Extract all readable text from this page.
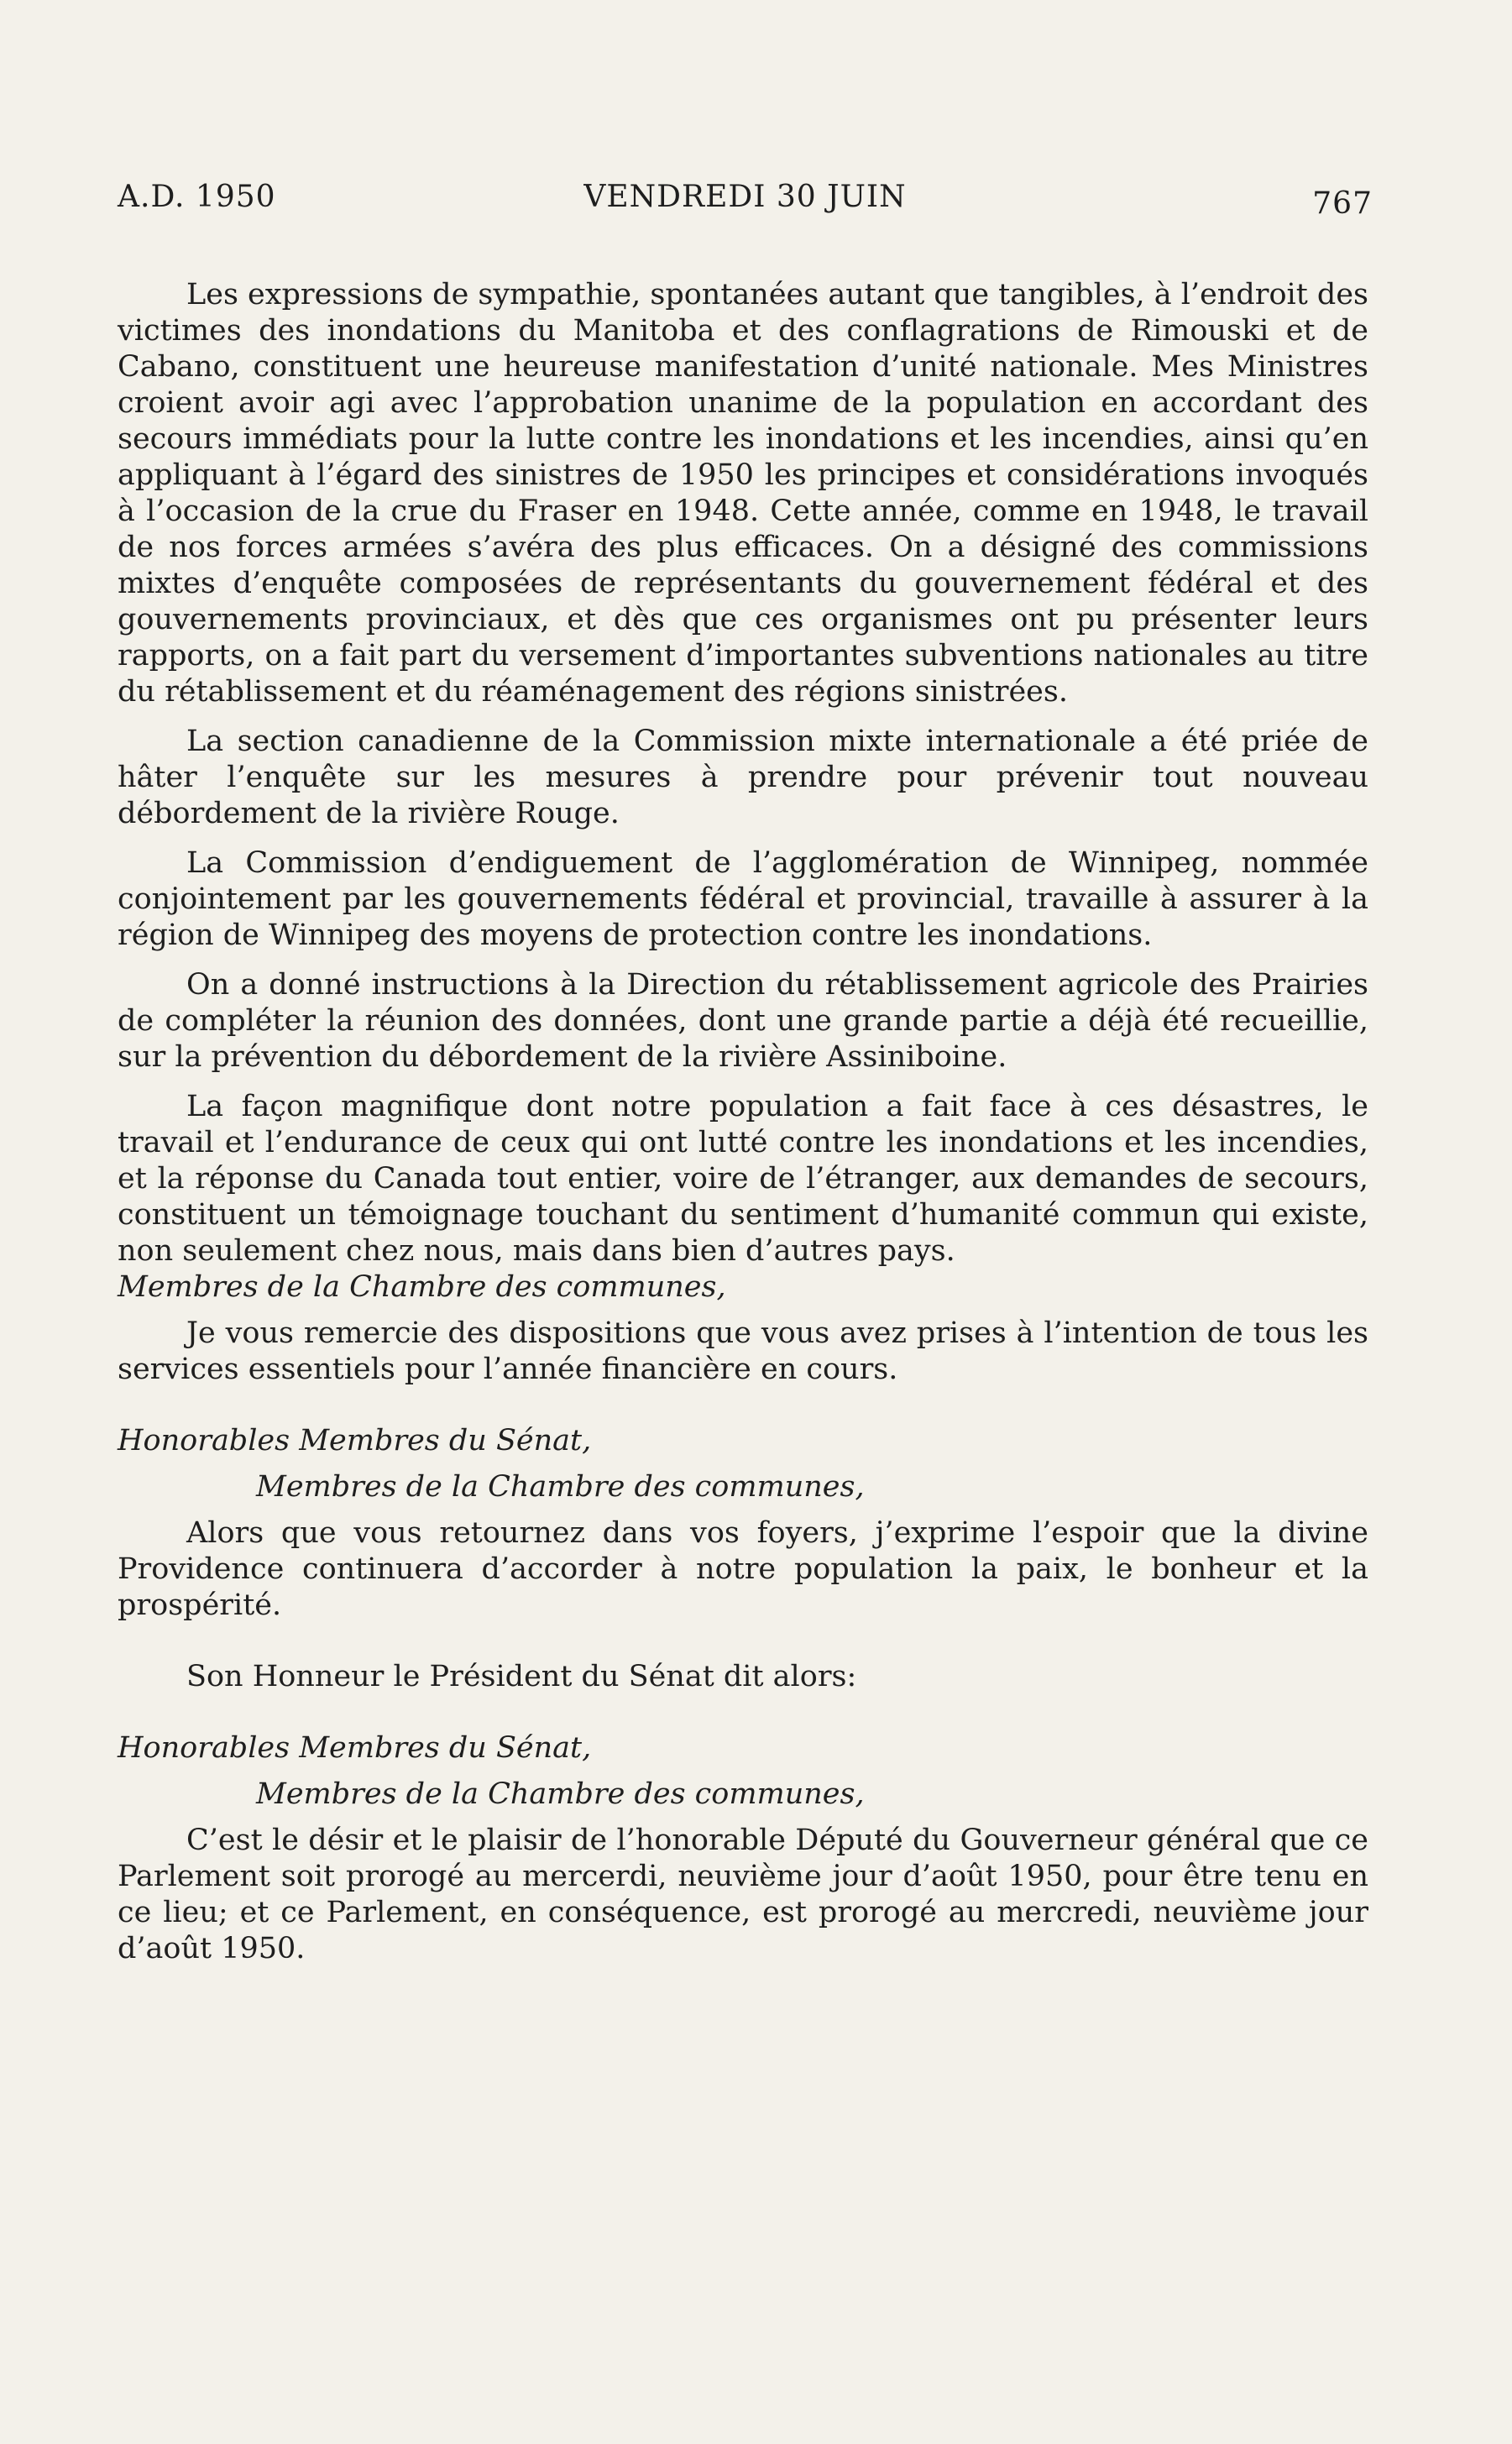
A.D. 1950	VENDREDI 30 JUIN	767

Les expressions de sympathie, spontanées autant que tangibles, à l’endroit des victimes des inondations du Manitoba et des conflagrations de Rimouski et de Cabano, constituent une heureuse manifestation d’unité nationale. Mes Ministres croient avoir agi avec l’approbation unanime de la population en accordant des secours immédiats pour la lutte contre les inondations et les incendies, ainsi qu’en appliquant à l’égard des sinistres de 1950 les principes et considérations invoqués à l’occasion de la crue du Fraser en 1948. Cette année, comme en 1948, le travail de nos forces armées s’avéra des plus efficaces. On a désigné des commissions mixtes d’enquête composées de représentants du gouvernement fédéral et des gouvernements provinciaux, et dès que ces organismes ont pu présenter leurs rapports, on a fait part du versement d’importantes subventions nationales au titre du rétablissement et du réaménagement des régions sinistrées.

La section canadienne de la Commission mixte internationale a été priée de hâter l’enquête sur les mesures à prendre pour prévenir tout nouveau débordement de la rivière Rouge.

La Commission d’endiguement de l’agglomération de Winnipeg, nommée conjointement par les gouvernements fédéral et provincial, travaille à assurer à la région de Winnipeg des moyens de protection contre les inondations.

On a donné instructions à la Direction du rétablissement agricole des Prairies de compléter la réunion des données, dont une grande partie a déjà été recueillie, sur la prévention du débordement de la rivière Assiniboine.

La façon magnifique dont notre population a fait face à ces désastres, le travail et l’endurance de ceux qui ont lutté contre les inondations et les incendies, et la réponse du Canada tout entier, voire de l’étranger, aux demandes de secours, constituent un témoignage touchant du sentiment d’humanité commun qui existe, non seulement chez nous, mais dans bien d’autres pays.

Membres de la Chambre des communes,

Je vous remercie des dispositions que vous avez prises à l’intention de tous les services essentiels pour l’année financière en cours.

Honorables Membres du Sénat,

Membres de la Chambre des communes,

Alors que vous retournez dans vos foyers, j’exprime l’espoir que la divine Providence continuera d’accorder à notre population la paix, le bonheur et la prospérité.

Son Honneur le Président du Sénat dit alors:

Honorables Membres du Sénat,

Membres de la Chambre des communes,

C’est le désir et le plaisir de l’honorable Député du Gouverneur général que ce Parlement soit prorogé au mercerdi, neuvième jour d’août 1950, pour être tenu en ce lieu; et ce Parlement, en conséquence, est prorogé au mercredi, neuvième jour d’août 1950.
